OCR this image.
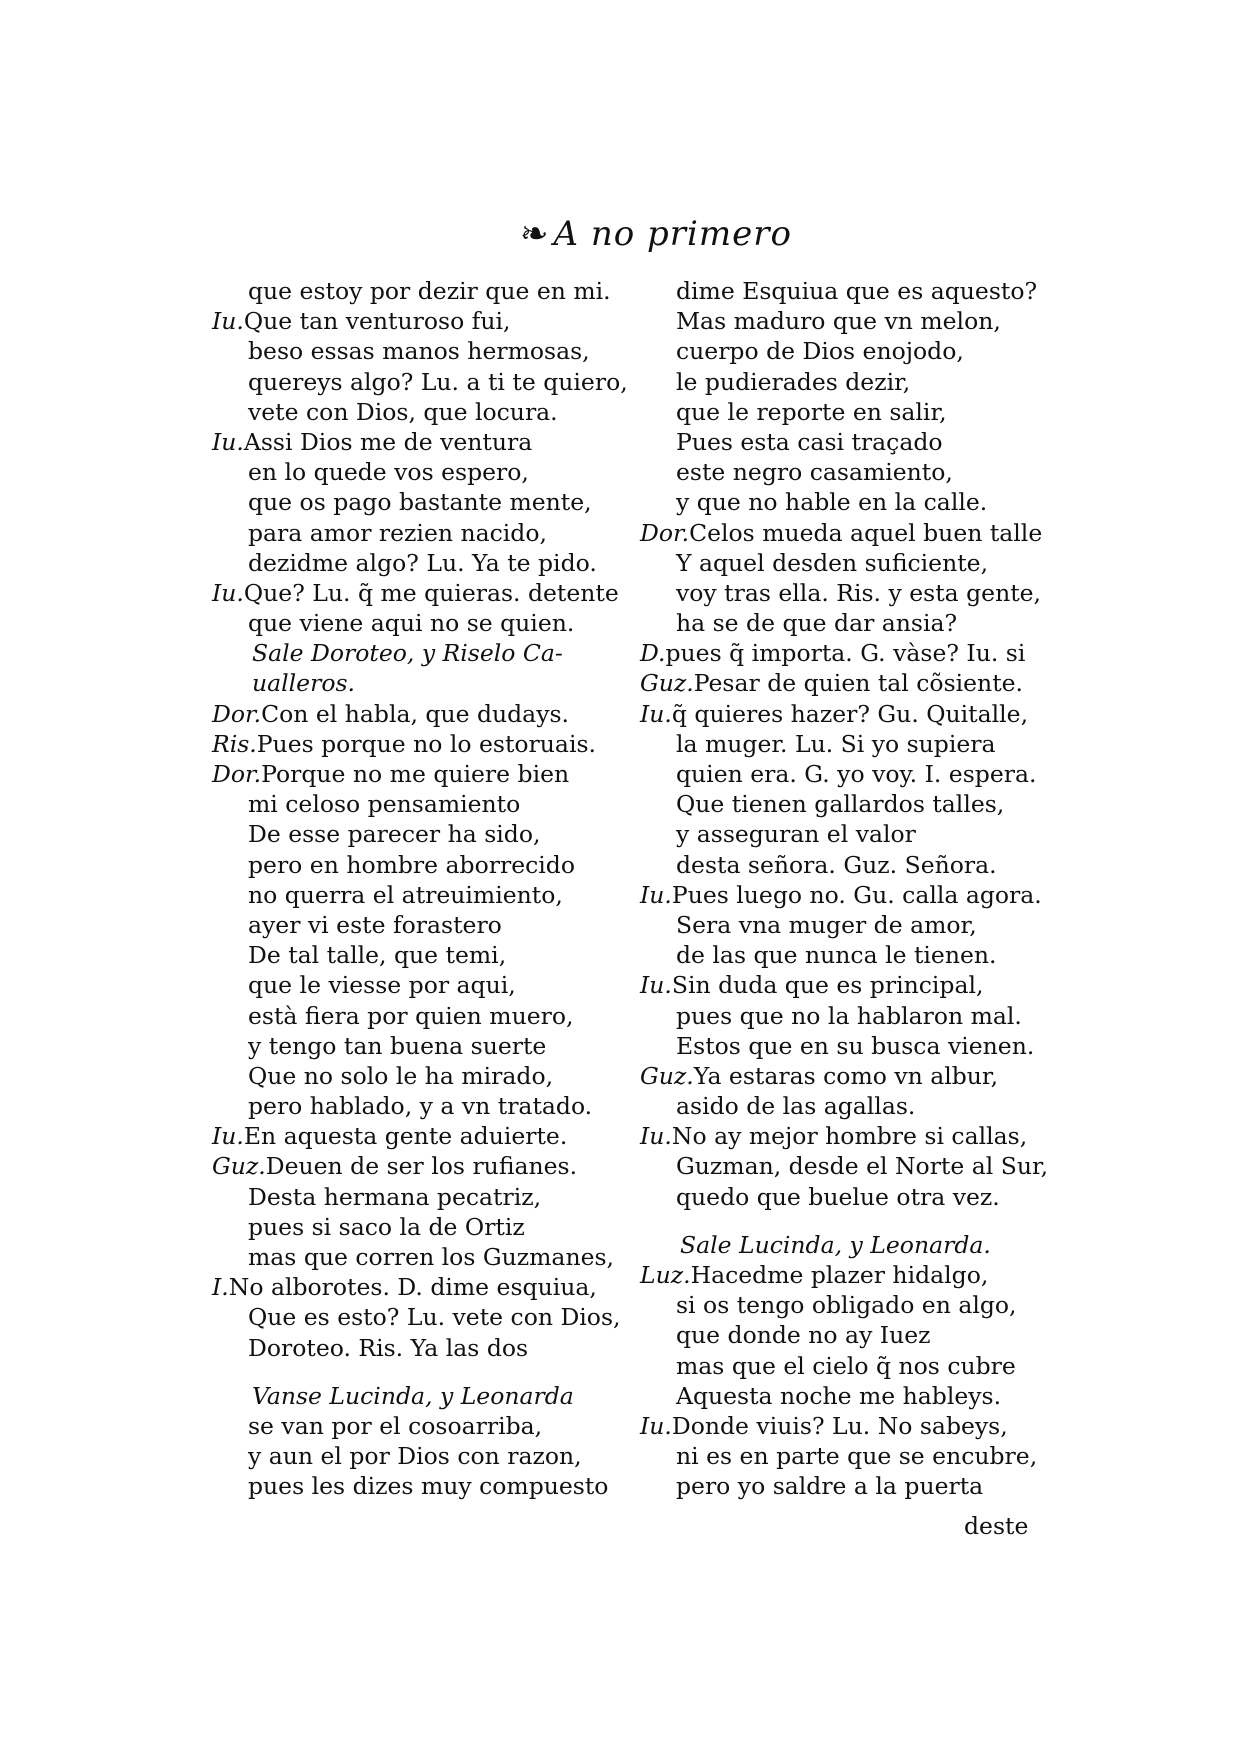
❧ A no primero
que estoy por dezir que en mi.
Iu.Que tan venturoso fui,
beso essas manos hermosas,
quereys algo? Lu. a ti te quiero,
vete con Dios, que locura.
Iu.Assi Dios me de ventura
en lo quede vos espero,
que os pago bastante mente,
para amor rezien nacido,
dezidme algo? Lu. Ya te pido.
Iu.Que? Lu. q̃ me quieras. detente
que viene aqui no se quien.
Sale Doroteo, y Riselo Ca-
ualleros.
Dor.Con el habla, que dudays.
Ris.Pues porque no lo estoruais.
Dor.Porque no me quiere bien
mi celoso pensamiento
De esse parecer ha sido,
pero en hombre aborrecido
no querra el atreuimiento,
ayer vi este forastero
De tal talle, que temi,
que le viesse por aqui,
està fiera por quien muero,
y tengo tan buena suerte
Que no solo le ha mirado,
pero hablado, y a vn tratado.
Iu.En aquesta gente aduierte.
Guz.Deuen de ser los rufianes.
Desta hermana pecatriz,
pues si saco la de Ortiz
mas que corren los Guzmanes,
I.No alborotes. D. dime esquiua,
Que es esto? Lu. vete con Dios,
Doroteo. Ris. Ya las dos
Vanse Lucinda, y Leonarda
se van por el cosoarriba,
y aun el por Dios con razon,
pues les dizes muy compuesto
dime Esquiua que es aquesto?
Mas maduro que vn melon,
cuerpo de Dios enojodo,
le pudierades dezir,
que le reporte en salir,
Pues esta casi traçado
este negro casamiento,
y que no hable en la calle.
Dor.Celos mueda aquel buen talle
Y aquel desden suficiente,
voy tras ella. Ris. y esta gente,
ha se de que dar ansia?
D.pues q̃ importa. G. vàse? Iu. si
Guz.Pesar de quien tal cõsiente.
Iu.q̃ quieres hazer? Gu. Quitalle,
la muger. Lu. Si yo supiera
quien era. G. yo voy. I. espera.
Que tienen gallardos talles,
y asseguran el valor
desta señora. Guz. Señora.
Iu.Pues luego no. Gu. calla agora.
Sera vna muger de amor,
de las que nunca le tienen.
Iu.Sin duda que es principal,
pues que no la hablaron mal.
Estos que en su busca vienen.
Guz.Ya estaras como vn albur,
asido de las agallas.
Iu.No ay mejor hombre si callas,
Guzman, desde el Norte al Sur,
quedo que buelue otra vez.
Sale Lucinda, y Leonarda.
Luz.Hacedme plazer hidalgo,
si os tengo obligado en algo,
que donde no ay Iuez
mas que el cielo q̃ nos cubre
Aquesta noche me hableys.
Iu.Donde viuis? Lu. No sabeys,
ni es en parte que se encubre,
pero yo saldre a la puerta
deste
